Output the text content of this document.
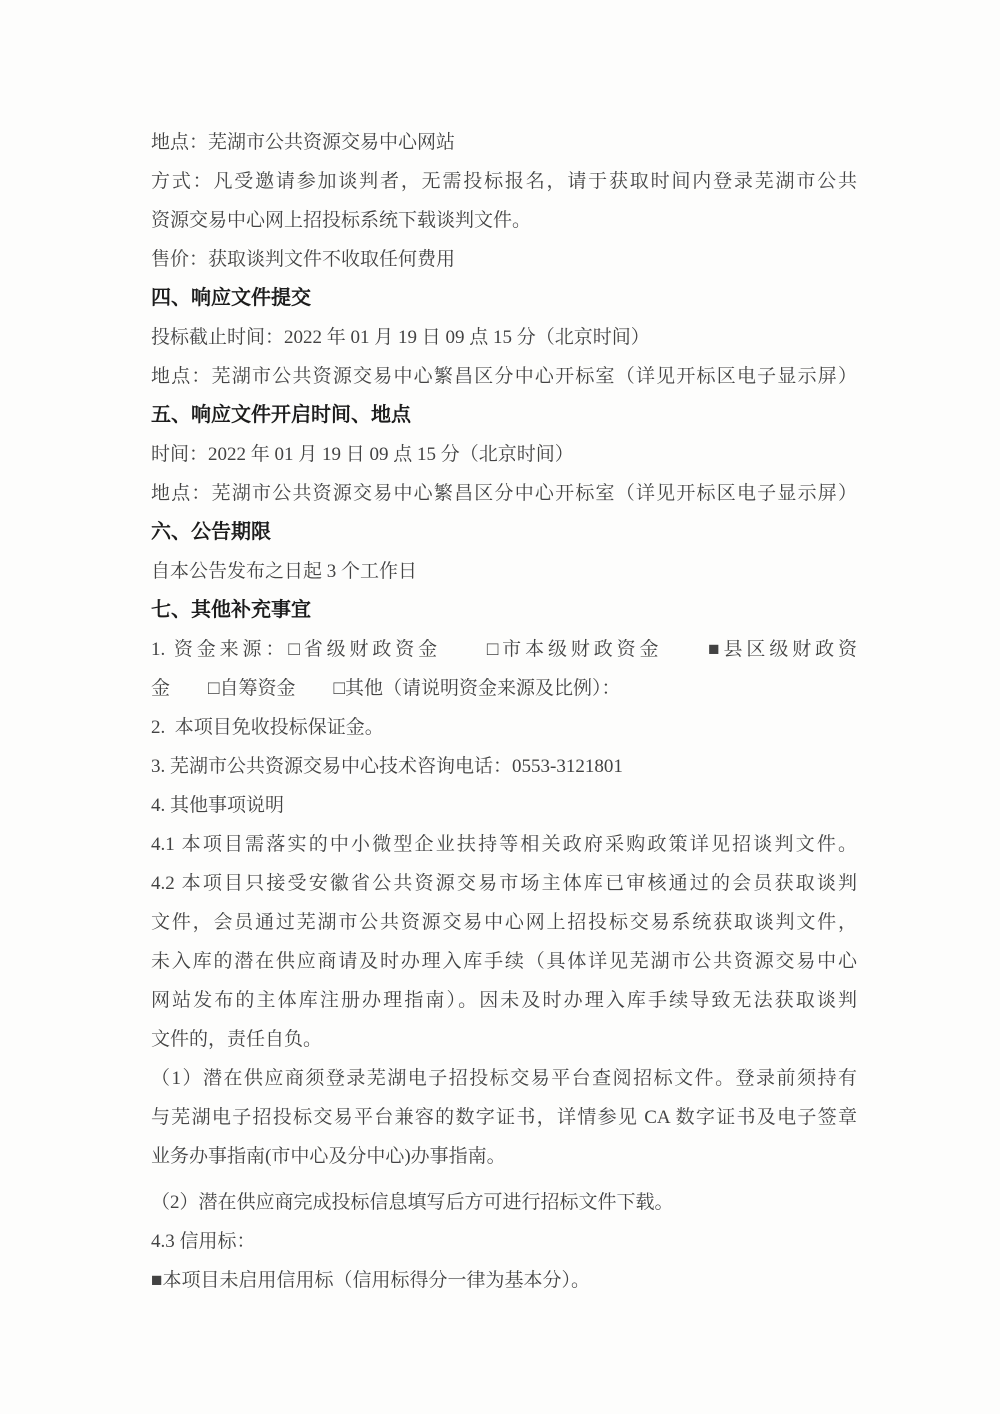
地点：芜湖市公共资源交易中心网站
方式：凡受邀请参加谈判者，无需投标报名，请于获取时间内登录芜湖市公共
资源交易中心网上招投标系统下载谈判文件。
售价：获取谈判文件不收取任何费用
四、响应文件提交
投标截止时间：2022 年 01 月 19 日 09 点 15 分（北京时间）
地点：芜湖市公共资源交易中心繁昌区分中心开标室（详见开标区电子显示屏）
五、响应文件开启时间、地点
时间：2022 年 01 月 19 日 09 点 15 分（北京时间）
地点：芜湖市公共资源交易中心繁昌区分中心开标室（详见开标区电子显示屏）
六、公告期限
自本公告发布之日起 3 个工作日
七、其他补充事宜
1. 资金来源：□省级财政资金　　□市本级财政资金　　■县区级财政资
金　　□自筹资金　　□其他（请说明资金来源及比例）：
2.  本项目免收投标保证金。
3. 芜湖市公共资源交易中心技术咨询电话：0553-3121801
4. 其他事项说明
4.1 本项目需落实的中小微型企业扶持等相关政府采购政策详见招谈判文件。
4.2 本项目只接受安徽省公共资源交易市场主体库已审核通过的会员获取谈判
文件，会员通过芜湖市公共资源交易中心网上招投标交易系统获取谈判文件，
未入库的潜在供应商请及时办理入库手续（具体详见芜湖市公共资源交易中心
网站发布的主体库注册办理指南）。因未及时办理入库手续导致无法获取谈判
文件的，责任自负。
（1）潜在供应商须登录芜湖电子招投标交易平台查阅招标文件。登录前须持有
与芜湖电子招投标交易平台兼容的数字证书，详情参见 CA 数字证书及电子签章
业务办事指南(市中心及分中心)办事指南。
（2）潜在供应商完成投标信息填写后方可进行招标文件下载。
4.3 信用标：
■本项目未启用信用标（信用标得分一律为基本分）。
